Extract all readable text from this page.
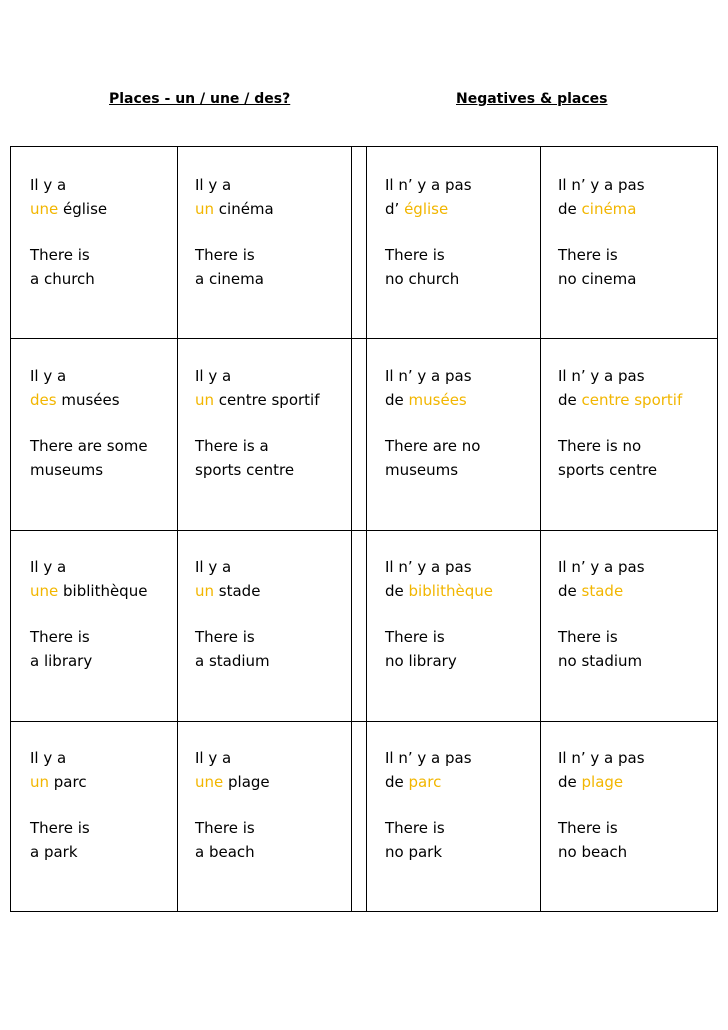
Places - un / une / des?	Negatives & places
Il y a
une église
There is
a church
Il y a
un cinéma
There is
a cinema
Il n’ y a pas
d’ église
There is
no church
Il n’ y a pas
de cinéma
There is
no cinema
Il y a
des musées
There are some
museums
Il y a
un centre sportif
There is a
sports centre
Il n’ y a pas
de musées
There are no
museums
Il n’ y a pas
de centre sportif
There is no
sports centre
Il y a
une biblithèque
There is
a library
Il y a
un stade
There is
a stadium
Il n’ y a pas
de biblithèque
There is
no library
Il n’ y a pas
de stade
There is
no stadium
Il y a
un parc
There is
a park
Il y a
une plage
There is
a beach
Il n’ y a pas
de parc
There is
no park
Il n’ y a pas
de plage
There is
no beach
